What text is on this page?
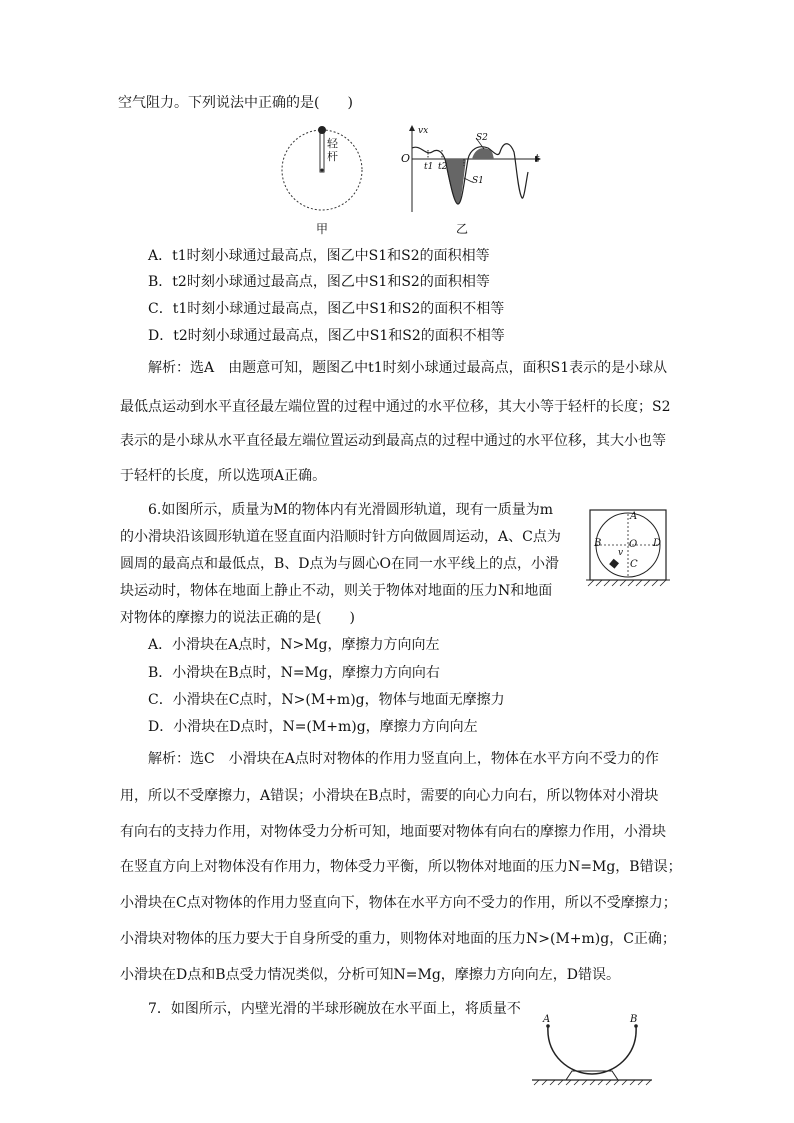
空气阻力。下列说法中正确的是(　　)
轻杆
甲
vx
O	t
t1 t2
S1
S2
乙
A．t1时刻小球通过最高点，图乙中S1和S2的面积相等
B．t2时刻小球通过最高点，图乙中S1和S2的面积相等
C．t1时刻小球通过最高点，图乙中S1和S2的面积不相等
D．t2时刻小球通过最高点，图乙中S1和S2的面积不相等
解析：选A　由题意可知，题图乙中t1时刻小球通过最高点，面积S1表示的是小球从
最低点运动到水平直径最左端位置的过程中通过的水平位移，其大小等于轻杆的长度；S2
表示的是小球从水平直径最左端位置运动到最高点的过程中通过的水平位移，其大小也等
于轻杆的长度，所以选项A正确。
6.如图所示，质量为M的物体内有光滑圆形轨道，现有一质量为m
的小滑块沿该圆形轨道在竖直面内沿顺时针方向做圆周运动，A、C点为
圆周的最高点和最低点，B、D点为与圆心O在同一水平线上的点，小滑
块运动时，物体在地面上静止不动，则关于物体对地面的压力N和地面
对物体的摩擦力的说法正确的是(　　)
A
B	O D
C
v
A．小滑块在A点时，N>Mg，摩擦力方向向左
B．小滑块在B点时，N=Mg，摩擦力方向向右
C．小滑块在C点时，N>(M+m)g，物体与地面无摩擦力
D．小滑块在D点时，N=(M+m)g，摩擦力方向向左
解析：选C　小滑块在A点时对物体的作用力竖直向上，物体在水平方向不受力的作
用，所以不受摩擦力，A错误；小滑块在B点时，需要的向心力向右，所以物体对小滑块
有向右的支持力作用，对物体受力分析可知，地面要对物体有向右的摩擦力作用，小滑块
在竖直方向上对物体没有作用力，物体受力平衡，所以物体对地面的压力N=Mg，B错误；
小滑块在C点对物体的作用力竖直向下，物体在水平方向不受力的作用，所以不受摩擦力；
小滑块对物体的压力要大于自身所受的重力，则物体对地面的压力N>(M+m)g，C正确；
小滑块在D点和B点受力情况类似，分析可知N=Mg，摩擦力方向向左，D错误。
7．如图所示，内壁光滑的半球形碗放在水平面上，将质量不
A	B
